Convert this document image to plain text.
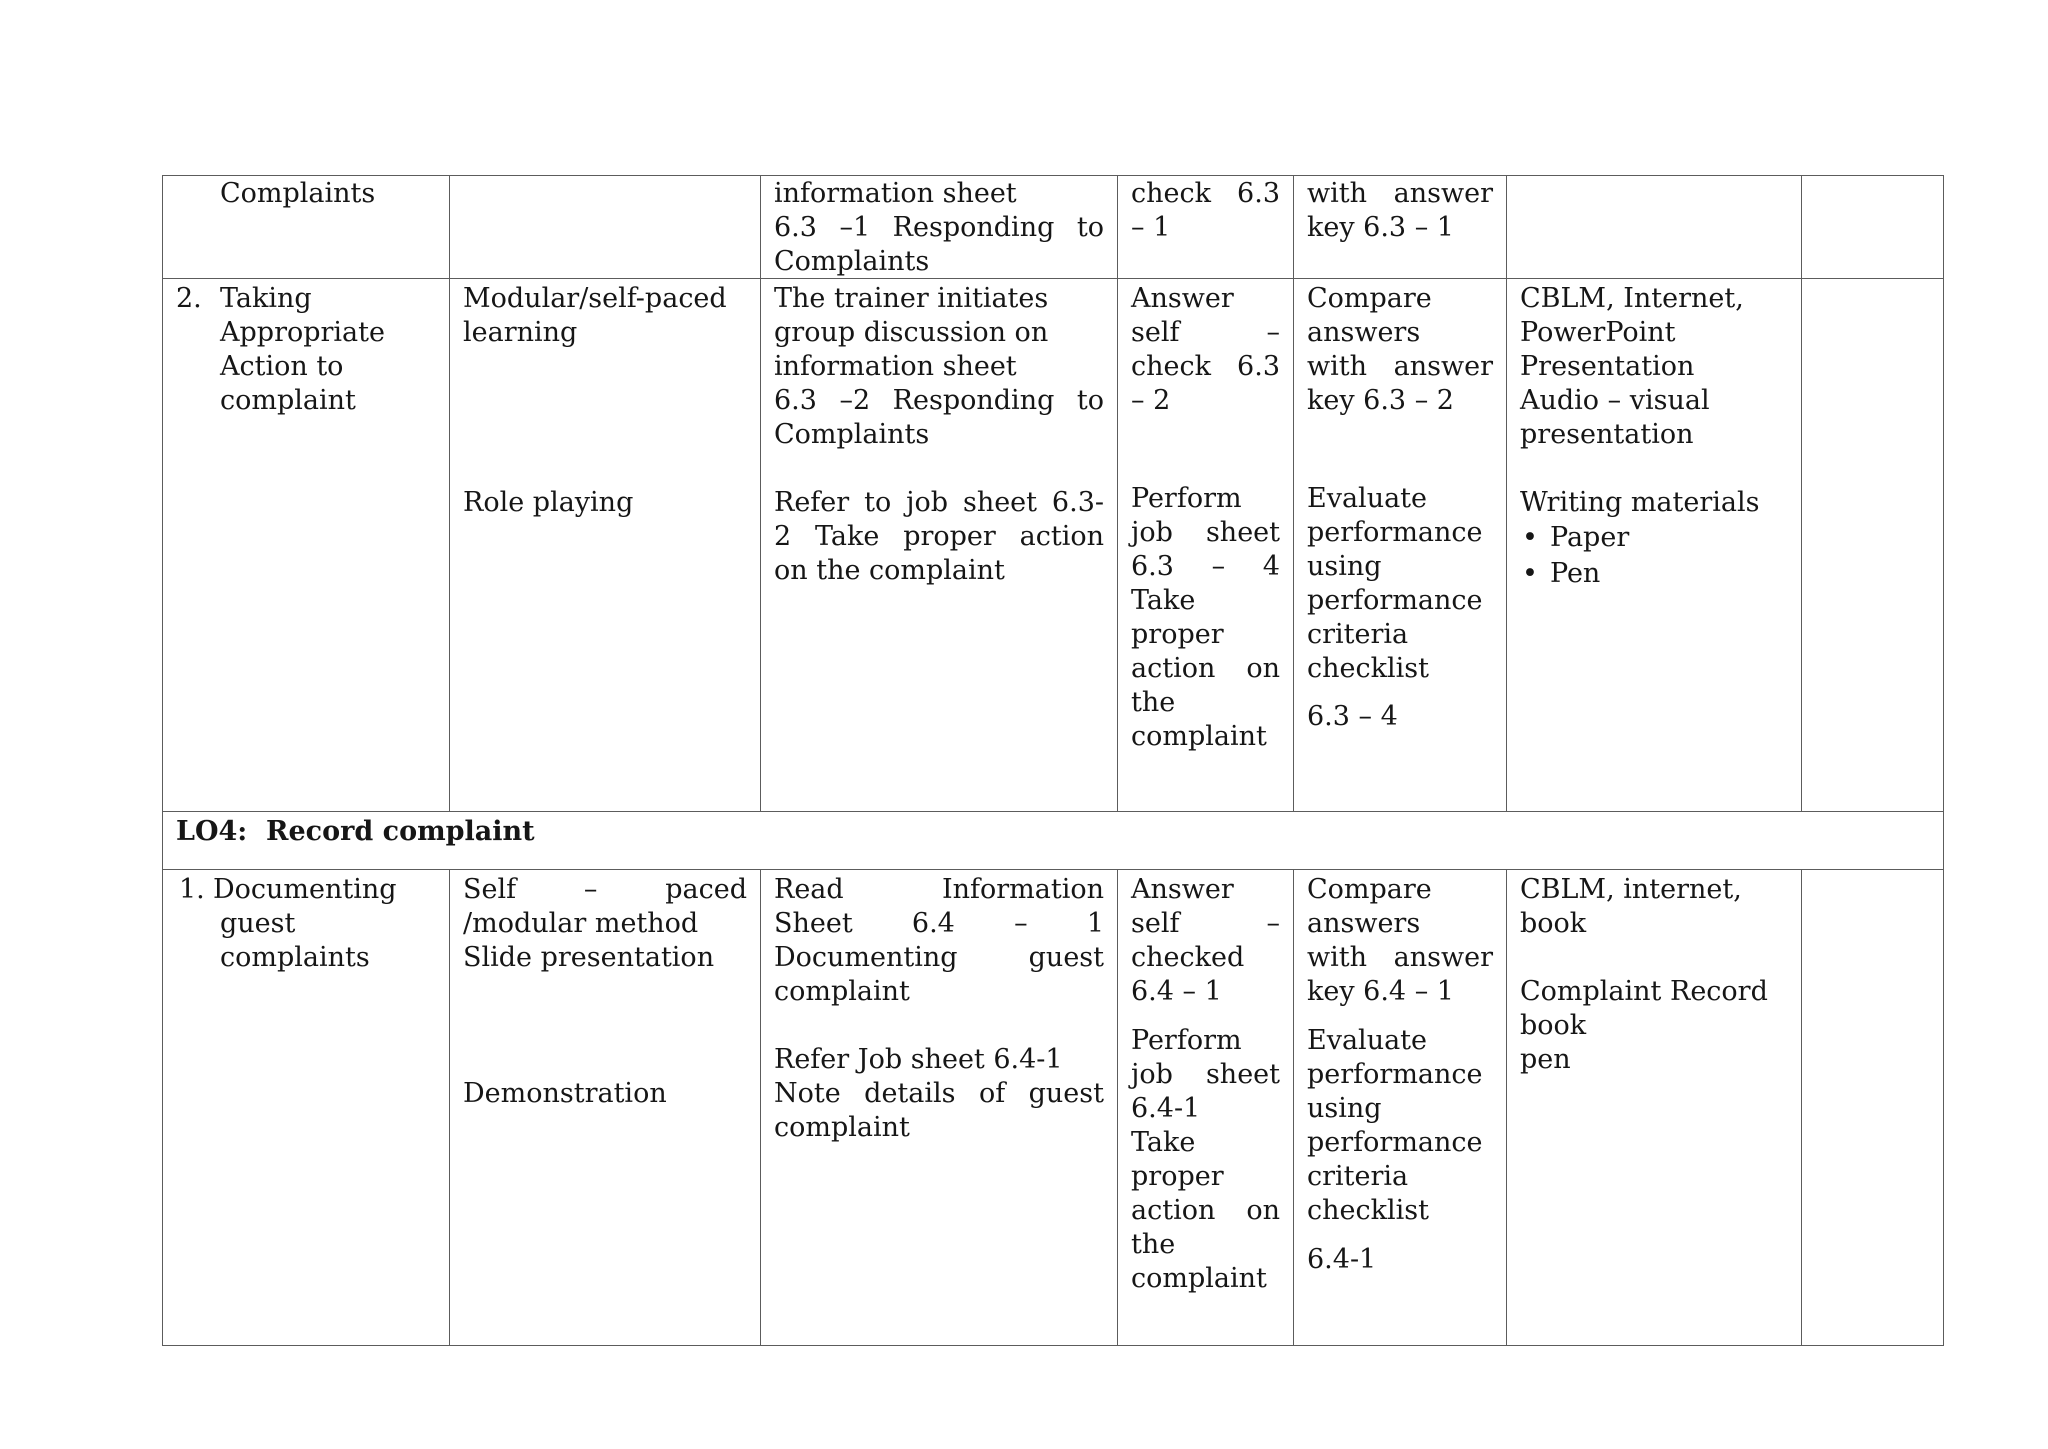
Complaints	information sheet
6.3 –1 Responding to
Complaints
check 6.3
– 1
with answer
key 6.3 – 1
2. Taking
Appropriate
Action to
complaint
Modular/self-paced
learning
Role playing
The trainer initiates
group discussion on
information sheet
6.3 –2 Responding to
Complaints
Refer to job sheet 6.3-
2 Take proper action
on the complaint
Answer
self –
check 6.3
– 2
Perform
job sheet
6.3 – 4
Take
proper
action on
the
complaint
Compare
answers
with answer
key 6.3 – 2
Evaluate
performance
using
performance
criteria
checklist
6.3 – 4
CBLM, Internet,
PowerPoint
Presentation
Audio – visual
presentation
Writing materials
• Paper
• Pen
LO4:  Record complaint
1. Documenting
guest
complaints
Self – paced
/modular method
Slide presentation
Demonstration
Read Information
Sheet 6.4 – 1
Documenting guest
complaint
Refer Job sheet 6.4-1
Note details of guest
complaint
Answer
self –
checked
6.4 – 1
Perform
job sheet
6.4-1
Take
proper
action on
the
complaint
Compare
answers
with answer
key 6.4 – 1
Evaluate
performance
using
performance
criteria
checklist
6.4-1
CBLM, internet,
book
Complaint Record
book
pen
